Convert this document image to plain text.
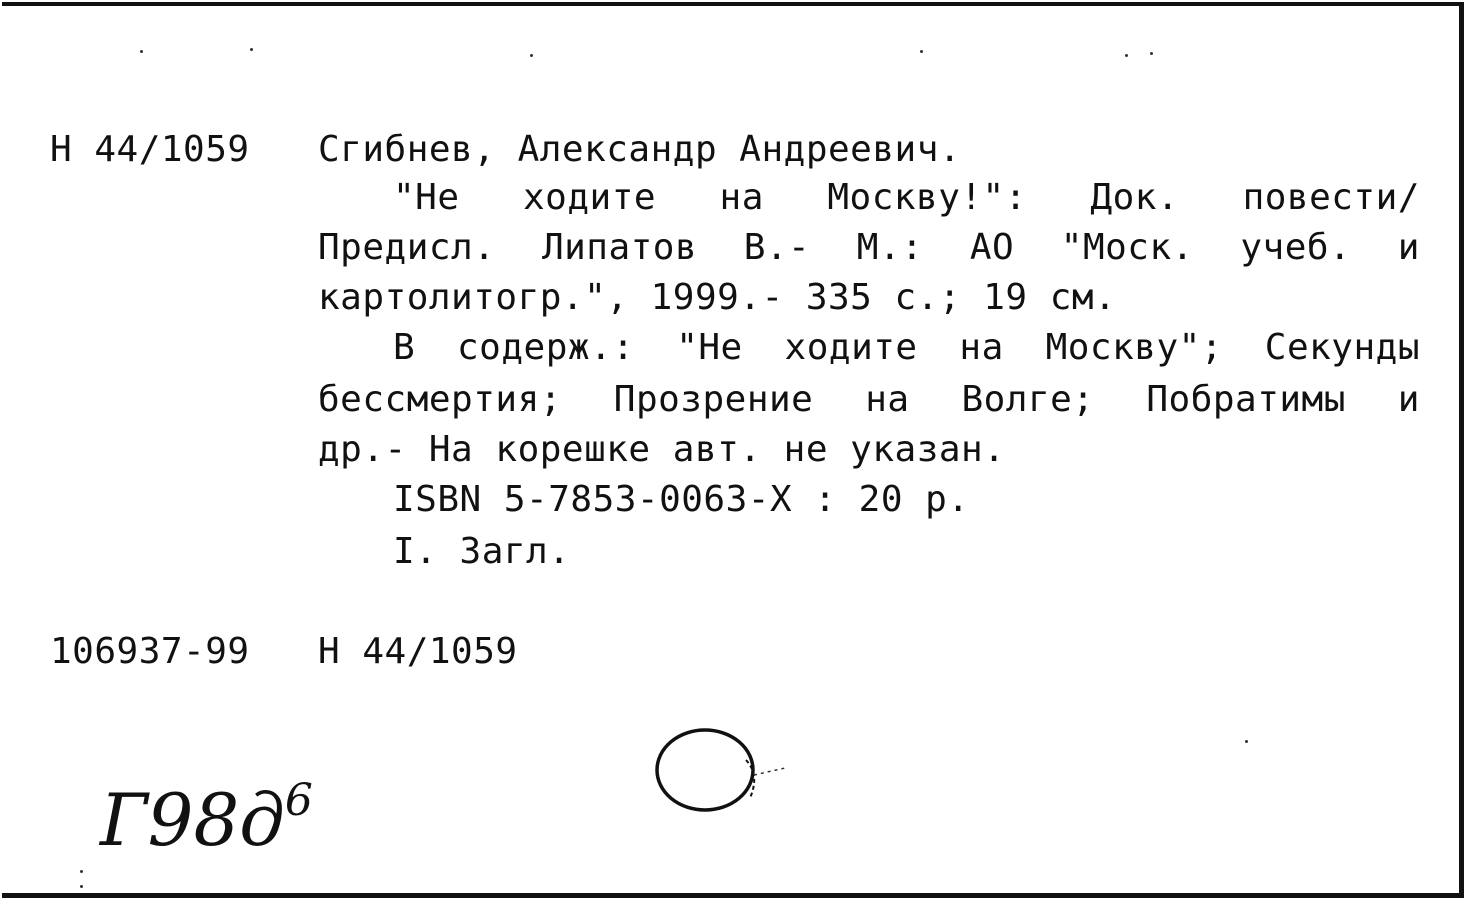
Н 44/1059 Сгибнев, Александр Андреевич.
"Не ходите на Москву!": Док. повести/
Предисл. Липатов В.- М.: АО "Моск. учеб. и
картолитогр.", 1999.- 335 с.; 19 см.
В содерж.: "Не ходите на Москву"; Секунды
бессмертия; Прозрение на Волге; Побратимы и
др.- На корешке авт. не указан.
ISBN 5-7853-0063-X : 20 р.
I. Загл.
106937-99 Н 44/1059
$Г98д^6$
